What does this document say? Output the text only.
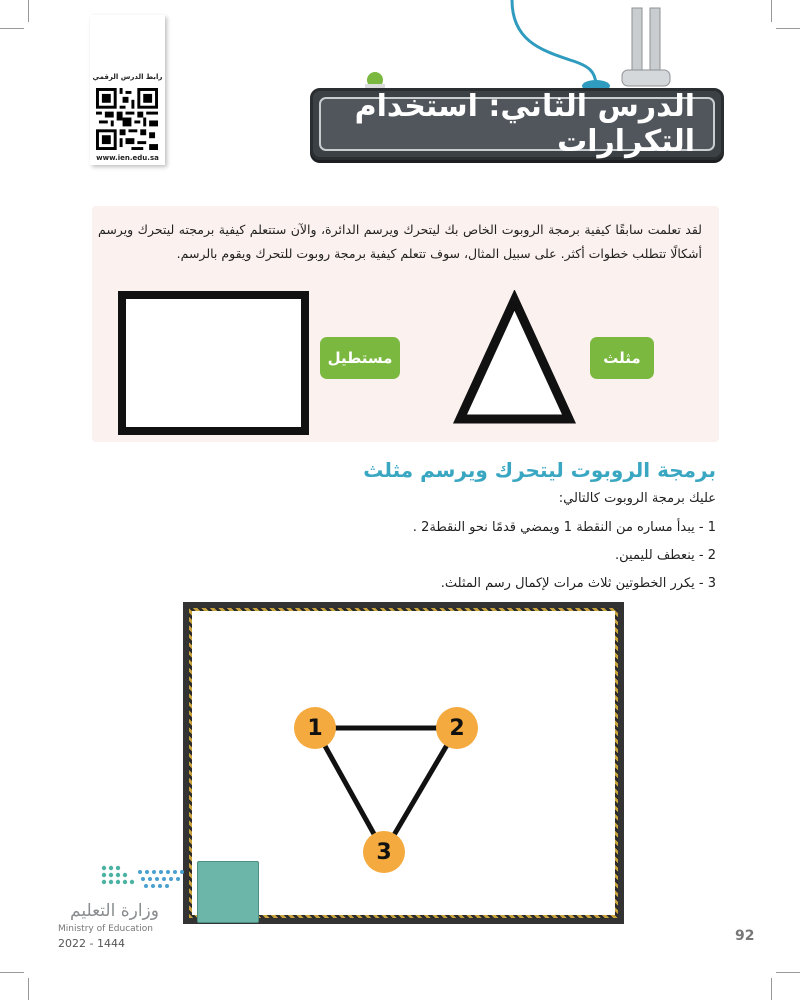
رابط الدرس الرقمي
www.ien.edu.sa
الدرس الثاني: استخدام التكرارات
لقد تعلمت سابقًا كيفية برمجة الروبوت الخاص بك ليتحرك ويرسم الدائرة، والآن ستتعلم كيفية برمجته ليتحرك ويرسم أشكالًا تتطلب خطوات أكثر. على سبيل المثال، سوف تتعلم كيفية برمجة روبوت للتحرك ويقوم بالرسم.
مستطيل	مثلث
برمجة الروبوت ليتحرك ويرسم مثلث
عليك برمجة الروبوت كالتالي:
1 - يبدأ مساره من النقطة 1 ويمضي قدمًا نحو النقطة2 .
2 - ينعطف لليمين.
3 - يكرر الخطوتين ثلاث مرات لإكمال رسم المثلث.
1	2
3
وزارة التعليم
Ministry of Education
2022 - 1444	92
